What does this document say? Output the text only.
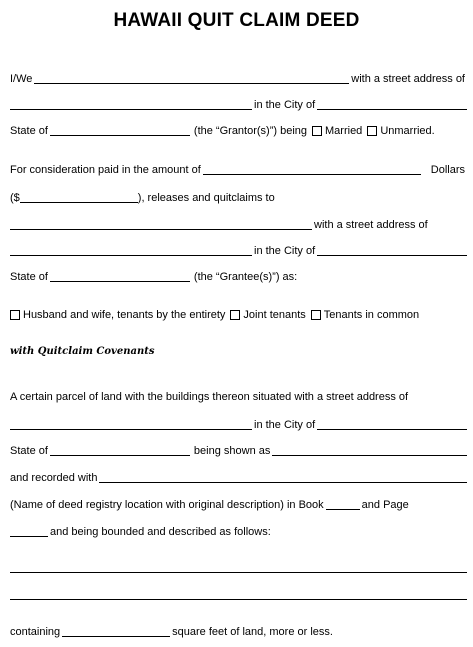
HAWAII QUIT CLAIM DEED
I/We	with a street address of
in the City of
State of	(the “Grantor(s)”) being Married Unmarried.
For consideration paid in the amount of	Dollars
($	), releases and quitclaims to
with a street address of
in the City of
State of	(the “Grantee(s)”) as:
Husband and wife, tenants by the entirety Joint tenants Tenants in common
with Quitclaim Covenants
A certain parcel of land with the buildings thereon situated with a street address of
in the City of
State of	being shown as
and recorded with
(Name of deed registry location with original description) in Book	and Page
and being bounded and described as follows:
containing	square feet of land, more or less.
